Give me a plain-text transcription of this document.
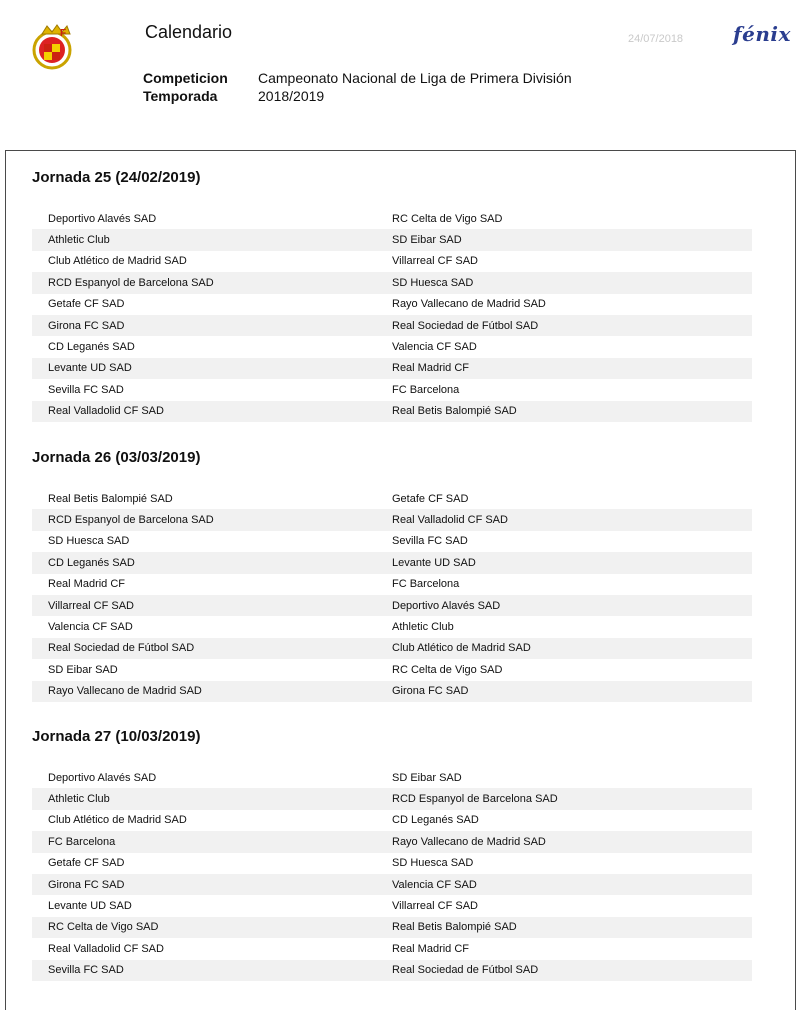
F	Calendario	24/07/2018 fénix
Competicion	Campeonato Nacional de Liga de Primera División
Temporada	2018/2019
Jornada 25 (24/02/2019)
Deportivo Alavés SAD	RC Celta de Vigo SAD
Athletic Club	SD Eibar SAD
Club Atlético de Madrid SAD	Villarreal CF SAD
RCD Espanyol de Barcelona SAD	SD Huesca SAD
Getafe CF SAD	Rayo Vallecano de Madrid SAD
Girona FC SAD	Real Sociedad de Fútbol SAD
CD Leganés SAD	Valencia CF SAD
Levante UD SAD	Real Madrid CF
Sevilla FC SAD	FC Barcelona
Real Valladolid CF SAD	Real Betis Balompié SAD
Jornada 26 (03/03/2019)
Real Betis Balompié SAD	Getafe CF SAD
RCD Espanyol de Barcelona SAD	Real Valladolid CF SAD
SD Huesca SAD	Sevilla FC SAD
CD Leganés SAD	Levante UD SAD
Real Madrid CF	FC Barcelona
Villarreal CF SAD	Deportivo Alavés SAD
Valencia CF SAD	Athletic Club
Real Sociedad de Fútbol SAD	Club Atlético de Madrid SAD
SD Eibar SAD	RC Celta de Vigo SAD
Rayo Vallecano de Madrid SAD	Girona FC SAD
Jornada 27 (10/03/2019)
Deportivo Alavés SAD	SD Eibar SAD
Athletic Club	RCD Espanyol de Barcelona SAD
Club Atlético de Madrid SAD	CD Leganés SAD
FC Barcelona	Rayo Vallecano de Madrid SAD
Getafe CF SAD	SD Huesca SAD
Girona FC SAD	Valencia CF SAD
Levante UD SAD	Villarreal CF SAD
RC Celta de Vigo SAD	Real Betis Balompié SAD
Real Valladolid CF SAD	Real Madrid CF
Sevilla FC SAD	Real Sociedad de Fútbol SAD
